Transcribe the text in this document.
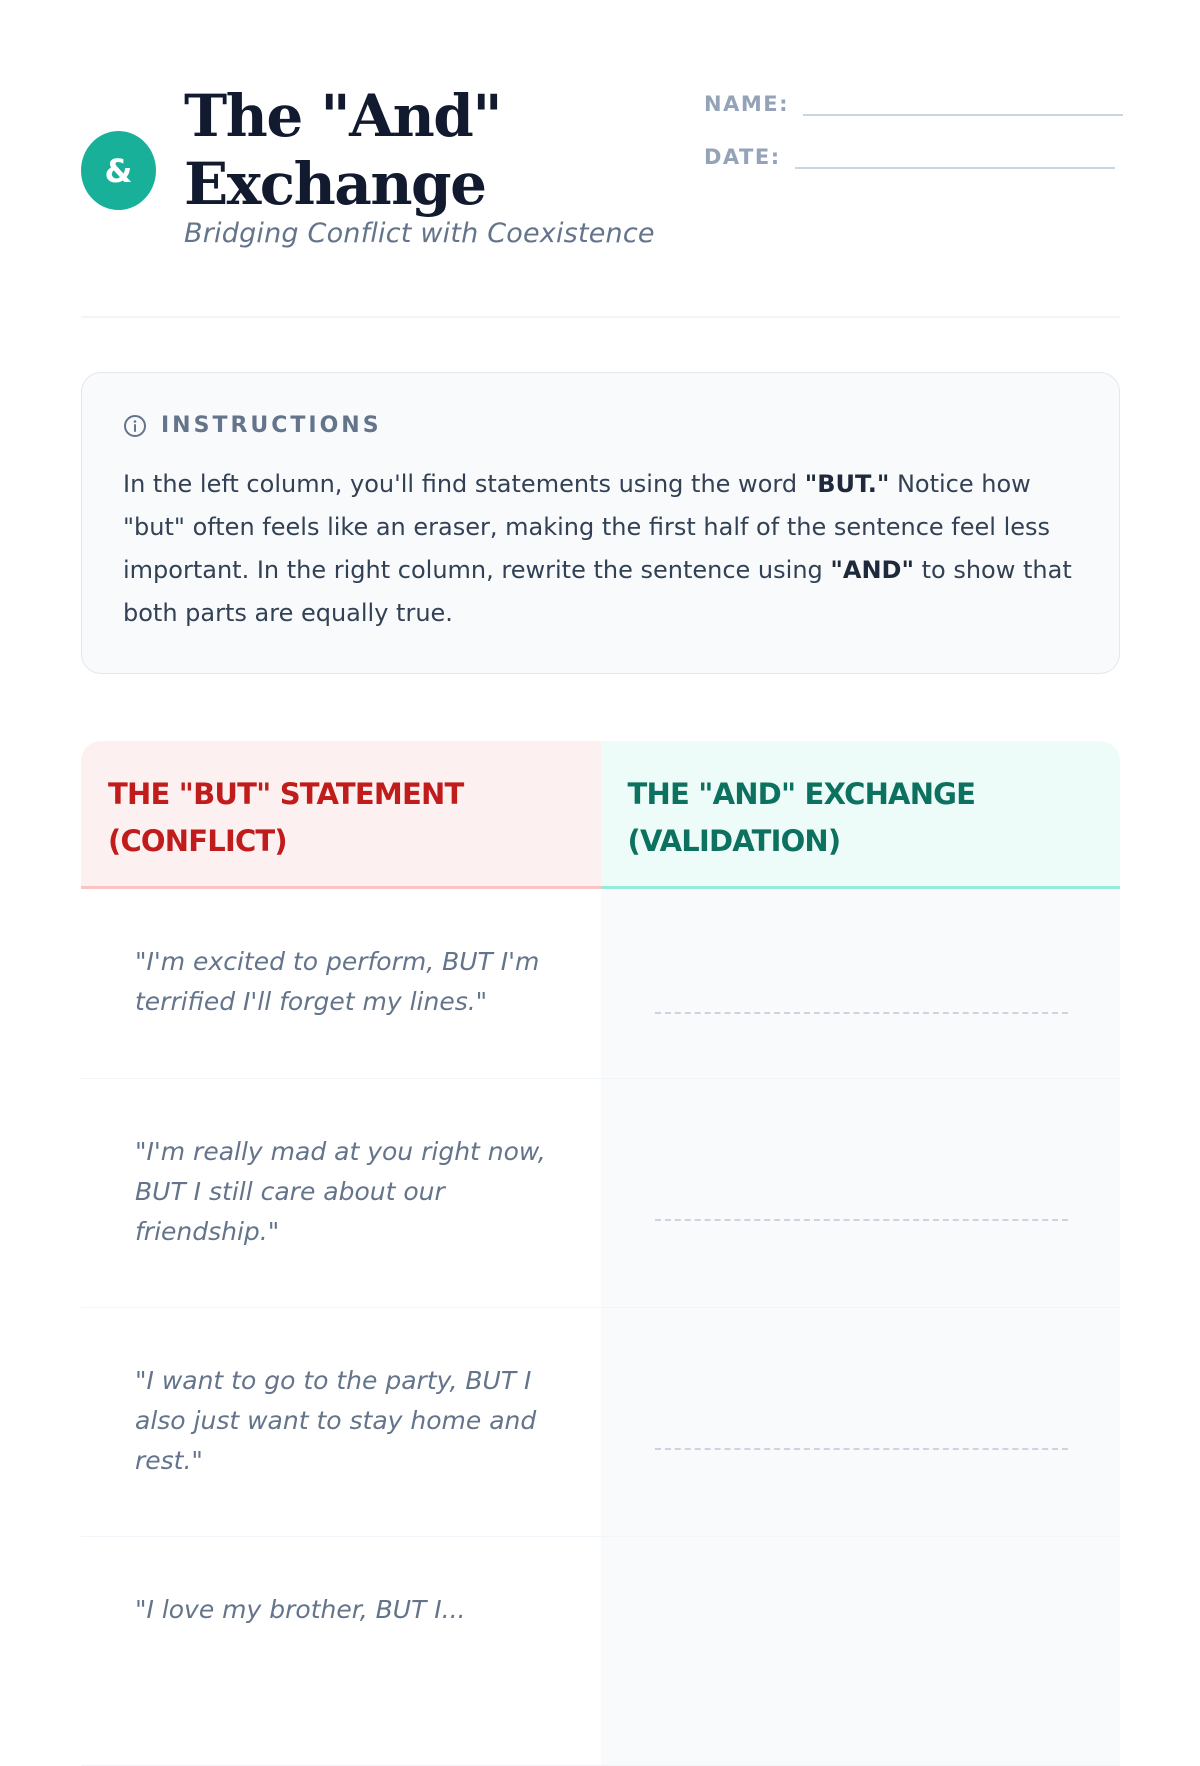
&
The "And"
Exchange
Bridging Conflict with Coexistence
NAME:
DATE:
INSTRUCTIONS

In the left column, you'll find statements using the word "BUT." Notice how "but" often feels like an eraser, making the first half of the sentence feel less important. In the right column, rewrite the sentence using "AND" to show that both parts are equally true.

THE "BUT" STATEMENT (CONFLICT)
THE "AND" EXCHANGE (VALIDATION)
"I'm excited to perform, BUT I'm terrified I'll forget my lines."
"I'm really mad at you right now, BUT I still care about our friendship."
"I want to go to the party, BUT I also just want to stay home and rest."
"I love my brother, BUT I...
